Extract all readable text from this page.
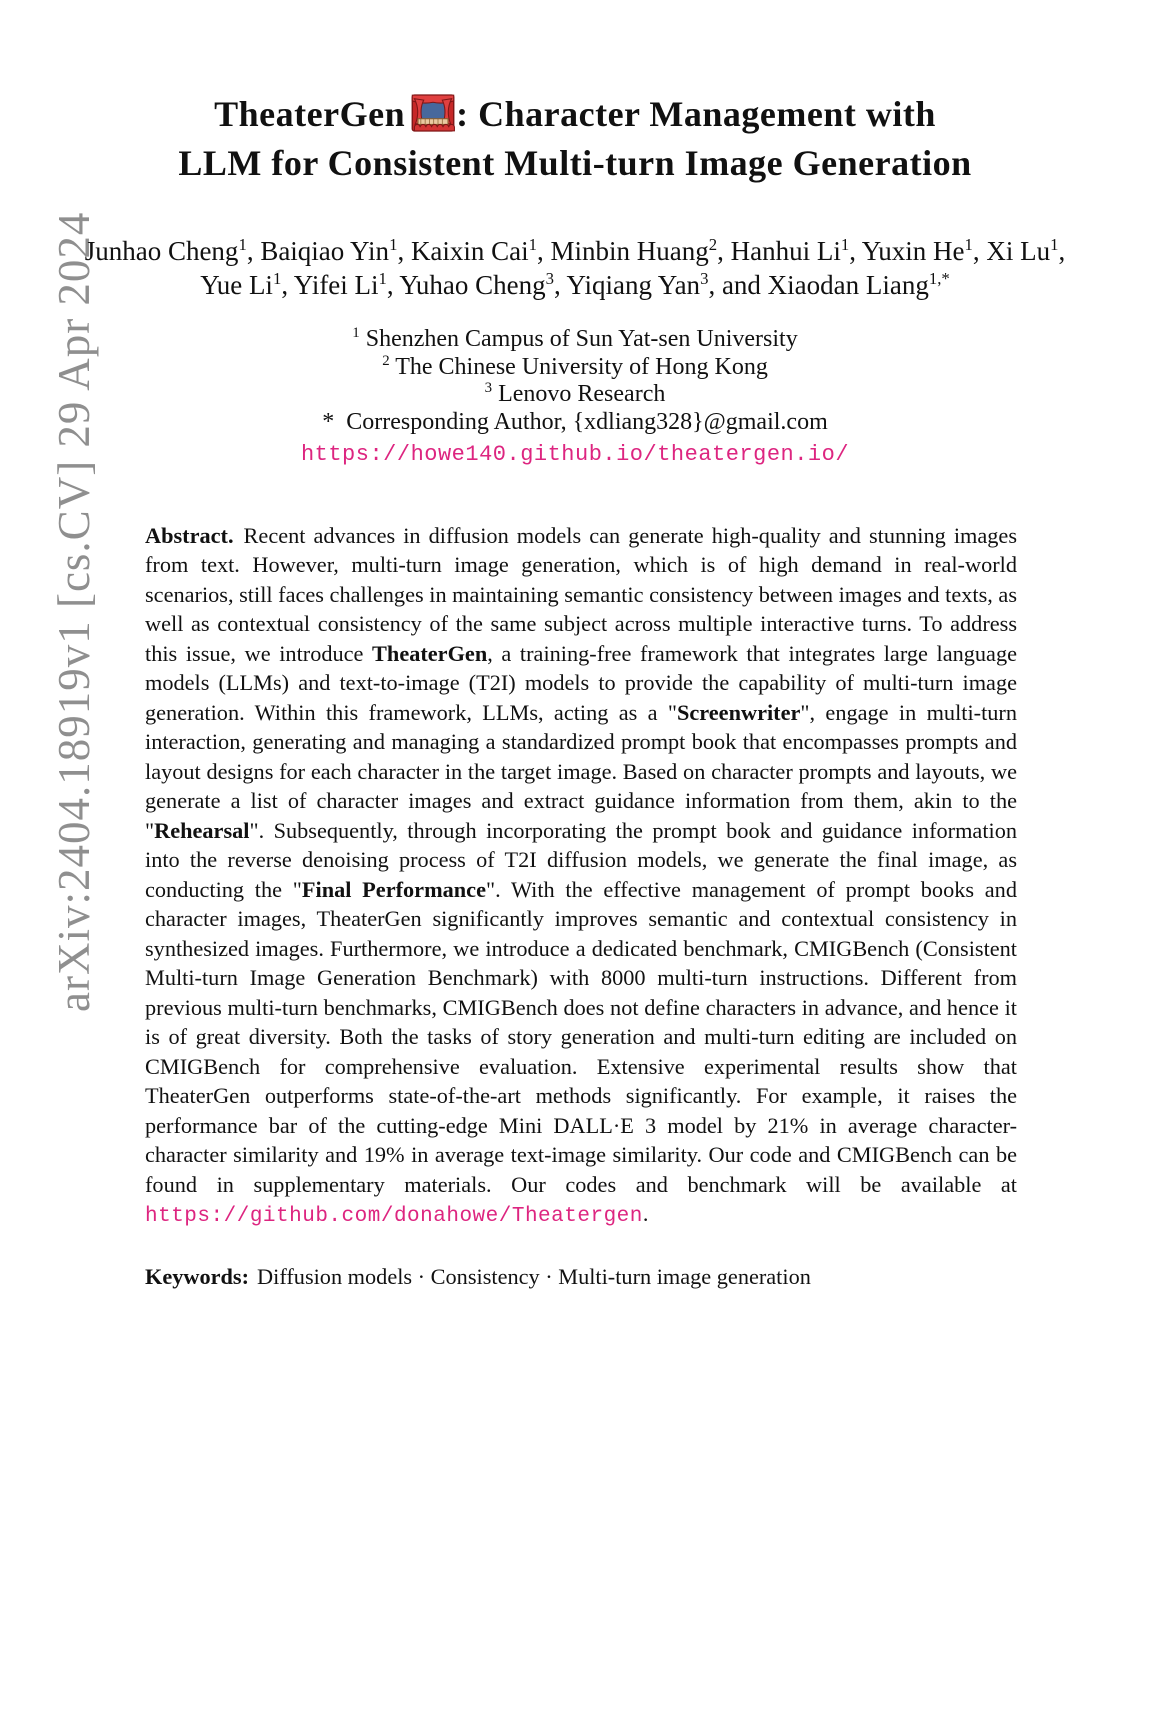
arXiv:2404.18919v1 [cs.CV] 29 Apr 2024
TheaterGen : Character Management with
LLM for Consistent Multi-turn Image Generation
Junhao Cheng$^1$, Baiqiao Yin$^1$, Kaixin Cai$^1$, Minbin Huang$^2$, Hanhui Li$^1$, Yuxin He$^1$, Xi Lu$^1$, Yue Li$^1$, Yifei Li$^1$, Yuhao Cheng$^3$, Yiqiang Yan$^3$, and Xiaodan Liang$^{1,*}$
$^1$ Shenzhen Campus of Sun Yat-sen University
$^2$ The Chinese University of Hong Kong
$^3$ Lenovo Research
* Corresponding Author, {xdliang328}@gmail.com
https://howe140.github.io/theatergen.io/

Abstract. Recent advances in diffusion models can generate high-quality and stunning images from text. However, multi-turn image generation, which is of high demand in real-world scenarios, still faces challenges in maintaining semantic consistency between images and texts, as well as contextual consistency of the same subject across multiple interactive turns. To address this issue, we introduce TheaterGen, a training-free framework that integrates large language models (LLMs) and text-to-image (T2I) models to provide the capability of multi-turn image generation. Within this framework, LLMs, acting as a "Screenwriter", engage in multi-turn interaction, generating and managing a standardized prompt book that encompasses prompts and layout designs for each character in the target image. Based on character prompts and layouts, we generate a list of character images and extract guidance information from them, akin to the "Rehearsal". Subsequently, through incorporating the prompt book and guidance information into the reverse denoising process of T2I diffusion models, we generate the final image, as conducting the "Final Performance". With the effective management of prompt books and character images, TheaterGen significantly improves semantic and contextual consistency in synthesized images. Furthermore, we introduce a dedicated benchmark, CMIGBench (Consistent Multi-turn Image Generation Benchmark) with 8000 multi-turn instructions. Different from previous multi-turn benchmarks, CMIGBench does not define characters in advance, and hence it is of great diversity. Both the tasks of story generation and multi-turn editing are included on CMIGBench for comprehensive evaluation. Extensive experimental results show that TheaterGen outperforms state-of-the-art methods significantly. For example, it raises the performance bar of the cutting-edge Mini DALL·E 3 model by 21% in average character-character similarity and 19% in average text-image similarity. Our code and CMIGBench can be found in supplementary materials. Our codes and benchmark will be available at https://github.com/donahowe/Theatergen.

Keywords: Diffusion models · Consistency · Multi-turn image generation
